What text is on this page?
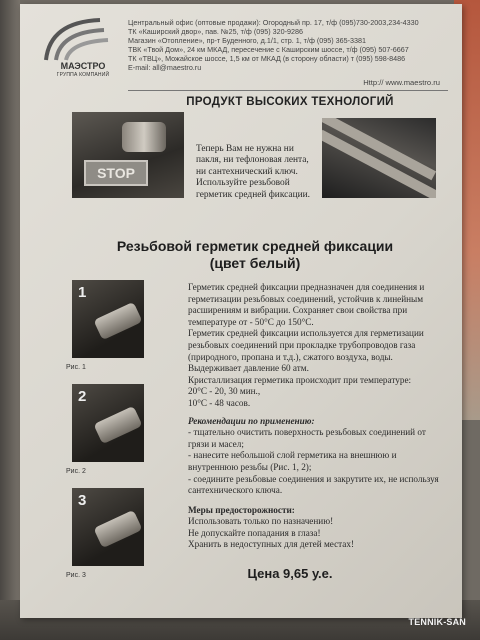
МАЭСТРО
ГРУППА КОМПАНИЙ
Центральный офис (оптовые продажи): Огородный пр. 17, т/ф (095)730-2003,234-4330
ТК «Каширский двор», пав. №25, т/ф (095) 320-9286
Магазин «Отопление», пр-т Буденного, д.1/1, стр. 1, т/ф (095) 365-3381
ТВК «Твой Дом», 24 км МКАД, пересечение с Каширским шоссе, т/ф (095) 507-6667
ТК «ТВЦ», Можайское шоссе, 1,5 км от МКАД (в сторону области) т (095) 598-8486
E-mail: all@maestro.ru
Http:// www.maestro.ru
ПРОДУКТ ВЫСОКИХ ТЕХНОЛОГИЙ
STOP
Теперь Вам не нужна ни пакля, ни тефлоновая лента, ни сантехнический ключ. Используйте резьбовой герметик средней фиксации.
Резьбовой герметик средней фиксации
(цвет белый)
1
Рис. 1
2
Рис. 2
3
Рис. 3
Герметик средней фиксации предназначен для соединения и герметизации резьбовых соединений, устойчив к линейным расширениям и вибрации. Сохраняет свои свойства при температуре от - 50°С до 150°С.
Герметик средней фиксации используется для герметизации резьбовых соединений при прокладке трубопроводов газа (природного, пропана и т.д.), сжатого воздуха, воды. Выдерживает давление 60 атм.
Кристаллизация герметика происходит при температуре:
20°С - 20, 30 мин.,
10°С - 48 часов.
Рекомендации по применению:
- тщательно очистить поверхность резьбовых соединений от грязи и масел;
- нанесите небольшой слой герметика на внешнюю и внутреннюю резьбы (Рис. 1, 2);
- соедините резьбовые соединения и закрутите их, не используя сантехнического ключа.
Меры предосторожности:
Использовать только по назначению!
Не допускайте попадания в глаза!
Хранить в недоступных для детей местах!
Цена 9,65 у.е.
TENNIK-SAN
